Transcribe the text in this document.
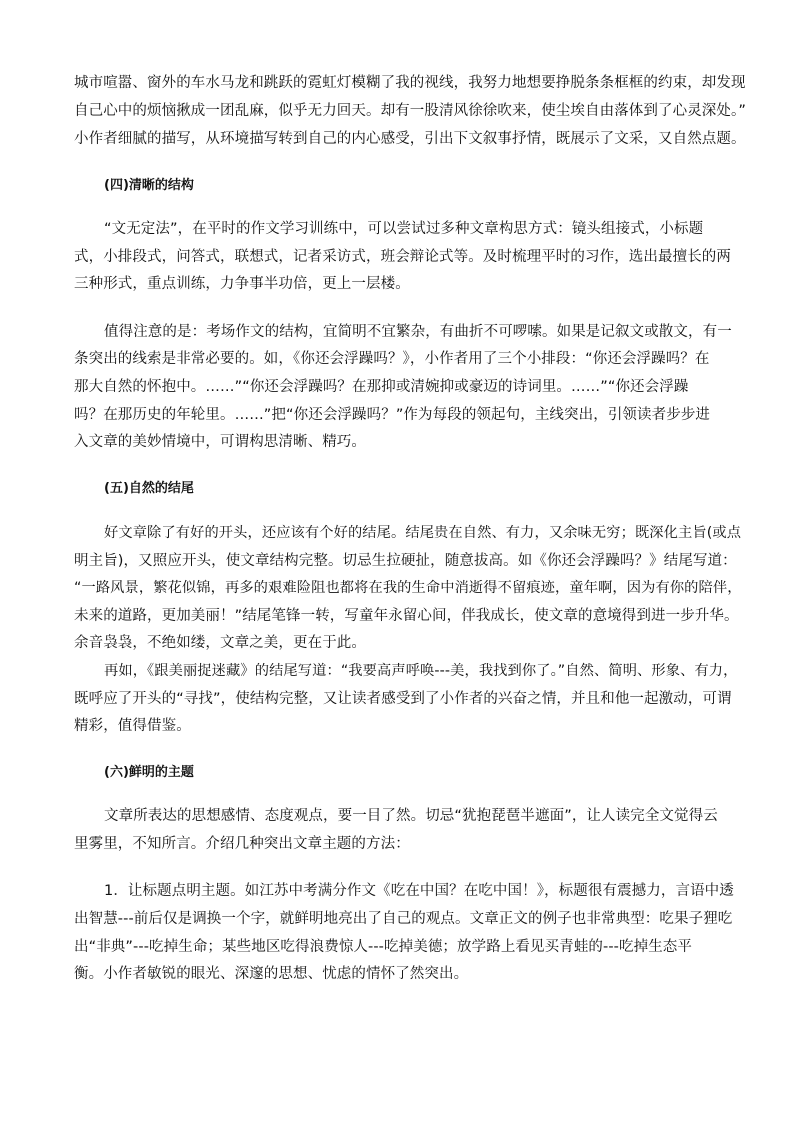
城市喧嚣、窗外的车水马龙和跳跃的霓虹灯模糊了我的视线，我努力地想要挣脱条条框框的约束，却发现
自己心中的烦恼揪成一团乱麻，似乎无力回天。却有一股清风徐徐吹来，使尘埃自由落体到了心灵深处。”
小作者细腻的描写，从环境描写转到自己的内心感受，引出下文叙事抒情，既展示了文采，又自然点题。
(四)清晰的结构
“文无定法”，在平时的作文学习训练中，可以尝试过多种文章构思方式：镜头组接式，小标题
式，小排段式，问答式，联想式，记者采访式，班会辩论式等。及时梳理平时的习作，选出最擅长的两
三种形式，重点训练，力争事半功倍，更上一层楼。
值得注意的是：考场作文的结构，宜简明不宜繁杂，有曲折不可啰嗦。如果是记叙文或散文，有一
条突出的线索是非常必要的。如，《你还会浮躁吗？》，小作者用了三个小排段：“你还会浮躁吗？在
那大自然的怀抱中。……”“你还会浮躁吗？在那抑或清婉抑或豪迈的诗词里。……”“你还会浮躁
吗？在那历史的年轮里。……”把“你还会浮躁吗？”作为每段的领起句，主线突出，引领读者步步进
入文章的美妙情境中，可谓构思清晰、精巧。
(五)自然的结尾
好文章除了有好的开头，还应该有个好的结尾。结尾贵在自然、有力，又余味无穷；既深化主旨(或点
明主旨)，又照应开头，使文章结构完整。切忌生拉硬扯，随意拔高。如《你还会浮躁吗？》结尾写道：
“一路风景，繁花似锦，再多的艰难险阻也都将在我的生命中消逝得不留痕迹，童年啊，因为有你的陪伴，
未来的道路，更加美丽！”结尾笔锋一转，写童年永留心间，伴我成长，使文章的意境得到进一步升华。
余音袅袅，不绝如缕，文章之美，更在于此。
再如，《跟美丽捉迷藏》的结尾写道：“我要高声呼唤---美，我找到你了。”自然、简明、形象、有力，
既呼应了开头的“寻找”，使结构完整，又让读者感受到了小作者的兴奋之情，并且和他一起激动，可谓
精彩，值得借鉴。
(六)鲜明的主题
文章所表达的思想感情、态度观点，要一目了然。切忌“犹抱琵琶半遮面”，让人读完全文觉得云
里雾里，不知所言。介绍几种突出文章主题的方法：
1．让标题点明主题。如江苏中考满分作文《吃在中国？在吃中国！》，标题很有震撼力，言语中透
出智慧---前后仅是调换一个字，就鲜明地亮出了自己的观点。文章正文的例子也非常典型：吃果子狸吃
出“非典”---吃掉生命；某些地区吃得浪费惊人---吃掉美德；放学路上看见买青蛙的---吃掉生态平
衡。小作者敏锐的眼光、深邃的思想、忧虑的情怀了然突出。
